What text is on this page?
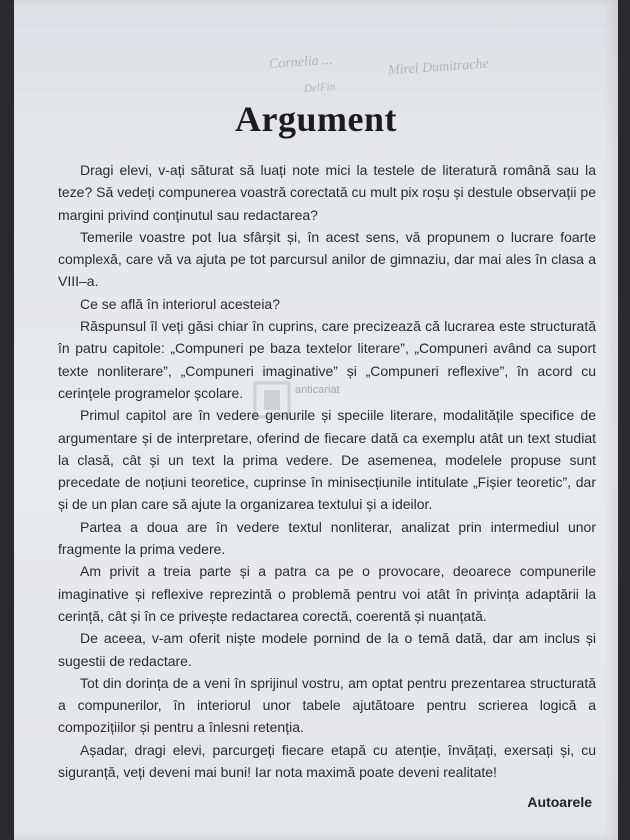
Mirel Dumitrache
Cornelia ...
DelFin
Argument
anticariat

Dragi elevi, v-ați săturat să luați note mici la testele de literatură română sau la teze? Să vedeți compunerea voastră corectată cu mult pix roșu și destule observații pe margini privind conținutul sau redactarea?

Temerile voastre pot lua sfârșit și, în acest sens, vă propunem o lucrare foarte complexă, care vă va ajuta pe tot parcursul anilor de gimnaziu, dar mai ales în clasa a VIII–a.

Ce se află în interiorul acesteia?

Răspunsul îl veți găsi chiar în cuprins, care precizează că lucrarea este structurată în patru capitole: „Compuneri pe baza textelor literare”, „Compuneri având ca suport texte nonliterare”, „Compuneri imaginative” și „Compuneri reflexive”, în acord cu cerințele programelor școlare.

Primul capitol are în vedere genurile și speciile literare, modalitățile specifice de argumentare și de interpretare, oferind de fiecare dată ca exemplu atât un text studiat la clasă, cât și un text la prima vedere. De asemenea, modelele propuse sunt precedate de noțiuni teoretice, cuprinse în minisecțiunile intitulate „Fișier teoretic”, dar și de un plan care să ajute la organizarea textului și a ideilor.

Partea a doua are în vedere textul nonliterar, analizat prin intermediul unor fragmente la prima vedere.

Am privit a treia parte și a patra ca pe o provocare, deoarece compunerile imaginative și reflexive reprezintă o problemă pentru voi atât în privința adaptării la cerință, cât și în ce privește redactarea corectă, coerentă și nuanțată.

De aceea, v-am oferit niște modele pornind de la o temă dată, dar am inclus și sugestii de redactare.

Tot din dorința de a veni în sprijinul vostru, am optat pentru prezentarea structurată a compunerilor, în interiorul unor tabele ajutătoare pentru scrierea logică a compozițiilor și pentru a înlesni retenția.

Așadar, dragi elevi, parcurgeți fiecare etapă cu atenție, învățați, exersați și, cu siguranță, veți deveni mai buni! Iar nota maximă poate deveni realitate!

Autoarele
